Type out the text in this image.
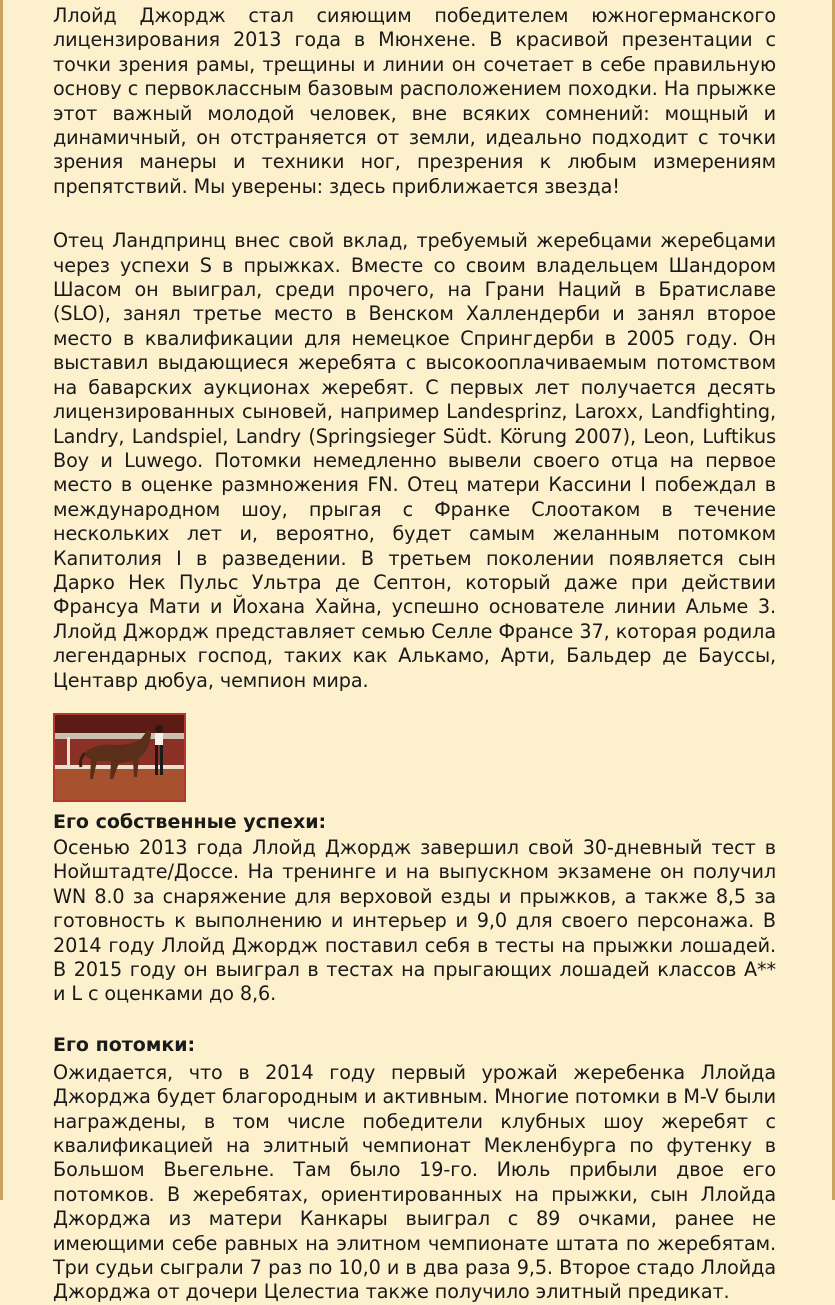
Ллойд Джордж стал сияющим победителем южногерманского лицензирования 2013 года в Мюнхене. В красивой презентации с точки зрения рамы, трещины и линии он сочетает в себе правильную основу с первоклассным базовым расположением походки. На прыжке этот важный молодой человек, вне всяких сомнений: мощный и динамичный, он отстраняется от земли, идеально подходит с точки зрения манеры и техники ног, презрения к любым измерениям препятствий. Мы уверены: здесь приближается звезда!

Отец Ландпринц внес свой вклад, требуемый жеребцами жеребцами через успехи S в прыжках. Вместе со своим владельцем Шандором Шасом он выиграл, среди прочего, на Грани Наций в Братиславе (SLO), занял третье место в Венском Халлендерби и занял второе место в квалификации для немецкое Спрингдерби в 2005 году. Он выставил выдающиеся жеребята с высокооплачиваемым потомством на баварских аукционах жеребят. С первых лет получается десять лицензированных сыновей, например Landesprinz, Laroxx, Landfighting, Landry, Landspiel, Landry (Springsieger Südt. Körung 2007), Leon, Luftikus Boy и Luwego. Потомки немедленно вывели своего отца на первое место в оценке размножения FN. Отец матери Кассини I побеждал в международном шоу, прыгая с Франке Слоотаком в течение нескольких лет и, вероятно, будет самым желанным потомком Капитолия I в разведении. В третьем поколении появляется сын Дарко Нек Пульс Ультра де Септон, который даже при действии Франсуа Мати и Йохана Хайна, успешно основателе линии Альме 3. Ллойд Джордж представляет семью Селле Франсе 37, которая родила легендарных господ, таких как Алькамо, Арти, Бальдер де Бауссы, Центавр дюбуа, чемпион мира.

Его собственные успехи:

Осенью 2013 года Ллойд Джордж завершил свой 30-дневный тест в Нойштадте/Доссе. На тренинге и на выпускном экзамене он получил WN 8.0 за снаряжение для верховой езды и прыжков, а также 8,5 за готовность к выполнению и интерьер и 9,0 для своего персонажа. В 2014 году Ллойд Джордж поставил себя в тесты на прыжки лошадей. В 2015 году он выиграл в тестах на прыгающих лошадей классов A** и L с оценками до 8,6.

Его потомки:

Ожидается, что в 2014 году первый урожай жеребенка Ллойда Джорджа будет благородным и активным. Многие потомки в M-V были награждены, в том числе победители клубных шоу жеребят с квалификацией на элитный чемпионат Мекленбурга по футенку в Большом Вьегельне. Там было 19-го. Июль прибыли двое его потомков. В жеребятах, ориентированных на прыжки, сын Ллойда Джорджа из матери Канкары выиграл с 89 очками, ранее не имеющими себе равных на элитном чемпионате штата по жеребятам. Три судьи сыграли 7 раз по 10,0 и в два раза 9,5. Второе стадо Ллойда Джорджа от дочери Целестиа также получило элитный предикат.
